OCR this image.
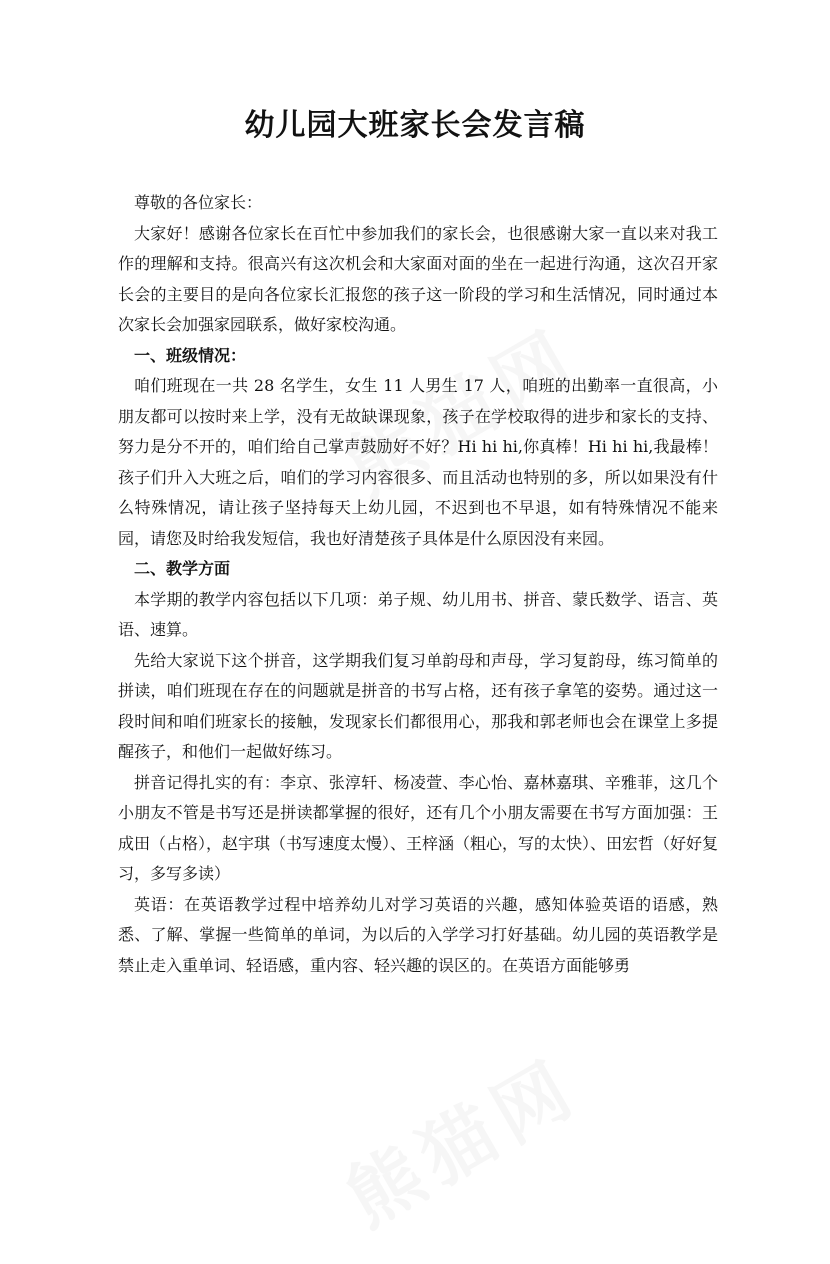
幼儿园大班家长会发言稿

尊敬的各位家长：

大家好！感谢各位家长在百忙中参加我们的家长会，也很感谢大家一直以来对我工作的理解和支持。很高兴有这次机会和大家面对面的坐在一起进行沟通，这次召开家长会的主要目的是向各位家长汇报您的孩子这一阶段的学习和生活情况，同时通过本次家长会加强家园联系，做好家校沟通。

一、班级情况：

咱们班现在一共 28 名学生，女生 11 人男生 17 人，咱班的出勤率一直很高，小朋友都可以按时来上学，没有无故缺课现象，孩子在学校取得的进步和家长的支持、努力是分不开的，咱们给自己掌声鼓励好不好？Hi hi hi,你真棒！Hi hi hi,我最棒！孩子们升入大班之后，咱们的学习内容很多、而且活动也特别的多，所以如果没有什么特殊情况，请让孩子坚持每天上幼儿园，不迟到也不早退，如有特殊情况不能来园，请您及时给我发短信，我也好清楚孩子具体是什么原因没有来园。

二、教学方面

本学期的教学内容包括以下几项：弟子规、幼儿用书、拼音、蒙氏数学、语言、英语、速算。

先给大家说下这个拼音，这学期我们复习单韵母和声母，学习复韵母，练习简单的拼读，咱们班现在存在的问题就是拼音的书写占格，还有孩子拿笔的姿势。通过这一段时间和咱们班家长的接触，发现家长们都很用心，那我和郭老师也会在课堂上多提醒孩子，和他们一起做好练习。

拼音记得扎实的有：李京、张淳轩、杨凌萱、李心怡、嘉林嘉琪、辛雅菲，这几个小朋友不管是书写还是拼读都掌握的很好，还有几个小朋友需要在书写方面加强：王成田（占格），赵宇琪（书写速度太慢）、王梓涵（粗心，写的太快）、田宏哲（好好复习，多写多读）

英语：在英语教学过程中培养幼儿对学习英语的兴趣，感知体验英语的语感，熟悉、了解、掌握一些简单的单词，为以后的入学学习打好基础。幼儿园的英语教学是禁止走入重单词、轻语感，重内容、轻兴趣的误区的。在英语方面能够勇
